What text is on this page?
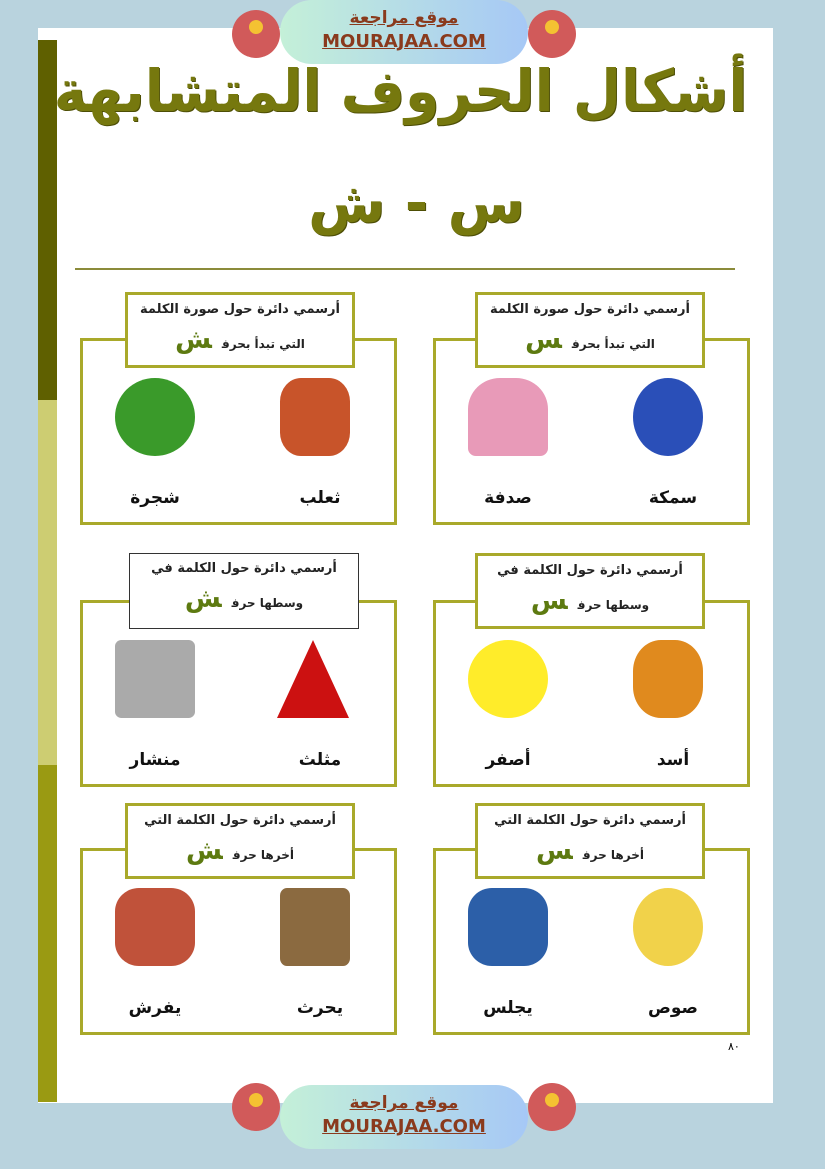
موقع مراجعة
MOURAJAA.COM
موقع مراجعة
MOURAJAA.COM
أشكال الحروف المتشابهة
س - ش
أرسمي دائرة حول صورة الكلمة
التي تبدأ بحرفس
سمكة
صدفة
أرسمي دائرة حول صورة الكلمة
التي تبدأ بحرفش
ثعلب
شجرة
أرسمي دائرة حول الكلمة في
وسطها حرفس
أسد
أصفر
أرسمي دائرة حول الكلمة في
وسطها حرفش
مثلث
منشار
أرسمي دائرة حول الكلمة التي
أخرها حرفس
صوص
يجلس
أرسمي دائرة حول الكلمة التي
أخرها حرفش
يحرث
يفرش
٨٠
